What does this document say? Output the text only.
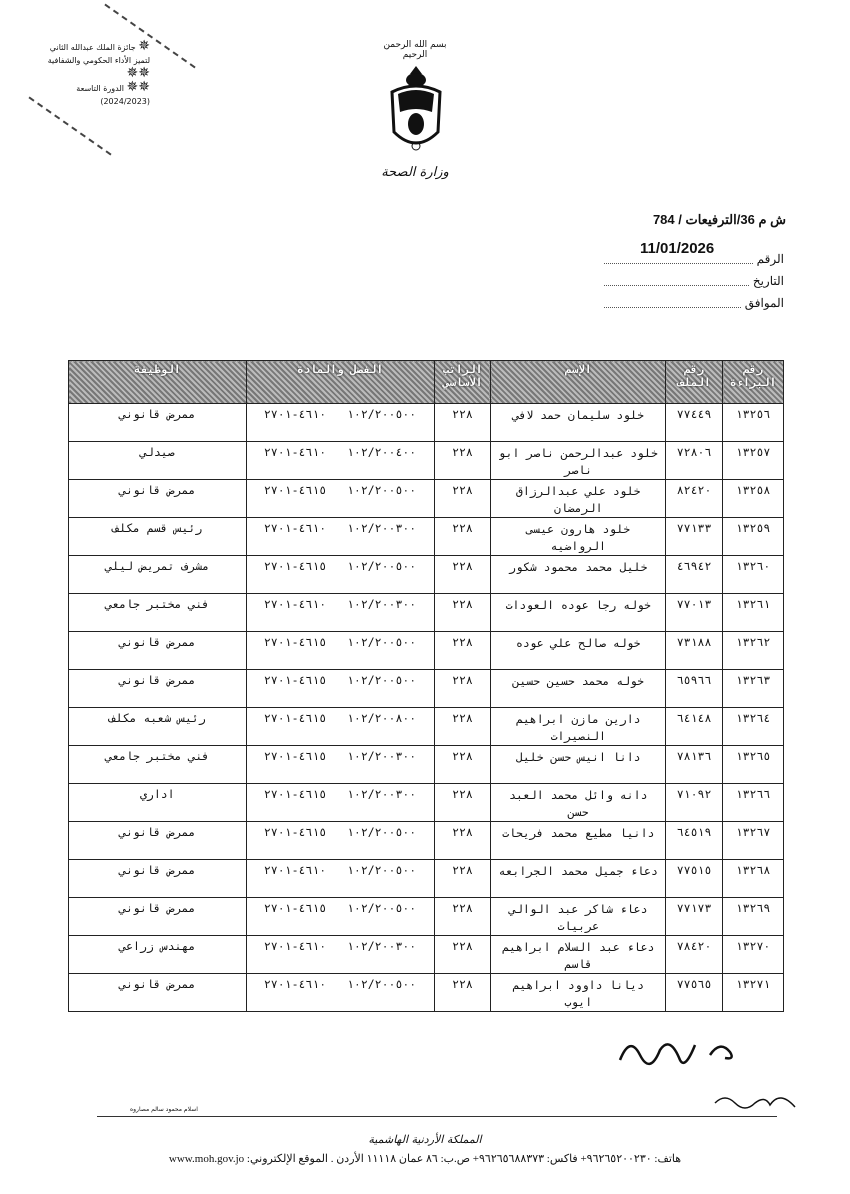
جائزة الملك عبدالله الثاني ✵
لتميز الأداء الحكومي والشفافية ✵✵
الدورة التاسعة ✵✵
(2024/2023)
بسم الله الرحمن الرحيم
وزارة الصحة
ش م 36/الترفيعات / 784
11/01/2026
الرقم
التاريخ
الموافق
رقم البراءة	رقم الملف	الإسم	الراتب الأساسي	الفصل والمادة	الوظيفة
١٣٢٥٦	٧٧٤٤٩	خلود سليمان حمد لافي	٢٢٨	١٠٢/٢٠٠٥٠٠   ٤٦١٠-٢٧٠١	ممرض قانوني
١٣٢٥٧	٧٢٨٠٦	خلود عبدالرحمن ناصر ابو ناصر	٢٢٨	١٠٢/٢٠٠٤٠٠   ٤٦١٠-٢٧٠١	صيدلي
١٣٢٥٨	٨٢٤٢٠	خلود علي عبدالرزاق الرمضان	٢٢٨	١٠٢/٢٠٠٥٠٠   ٤٦١٥-٢٧٠١	ممرض قانوني
١٣٢٥٩	٧٧١٣٣	خلود هارون عيسى الرواضيه	٢٢٨	١٠٢/٢٠٠٣٠٠   ٤٦١٠-٢٧٠١	رئيس قسم مكلف
١٣٢٦٠	٤٦٩٤٢	خليل محمد محمود شكور	٢٢٨	١٠٢/٢٠٠٥٠٠   ٤٦١٥-٢٧٠١	مشرف تمريض ليلي
١٣٢٦١	٧٧٠١٣	خوله رجا عوده العودات	٢٢٨	١٠٢/٢٠٠٣٠٠   ٤٦١٠-٢٧٠١	فني مختبر جامعي
١٣٢٦٢	٧٣١٨٨	خوله صالح علي عوده	٢٢٨	١٠٢/٢٠٠٥٠٠   ٤٦١٥-٢٧٠١	ممرض قانوني
١٣٢٦٣	٦٥٩٦٦	خوله محمد حسين حسين	٢٢٨	١٠٢/٢٠٠٥٠٠   ٤٦١٥-٢٧٠١	ممرض قانوني
١٣٢٦٤	٦٤١٤٨	دارين مازن ابراهيم النصيرات	٢٢٨	١٠٢/٢٠٠٨٠٠   ٤٦١٥-٢٧٠١	رئيس شعبه مكلف
١٣٢٦٥	٧٨١٣٦	دانا انيس حسن خليل	٢٢٨	١٠٢/٢٠٠٣٠٠   ٤٦١٥-٢٧٠١	فني مختبر جامعي
١٣٢٦٦	٧١٠٩٢	دانه وائل محمد العبد حسن	٢٢٨	١٠٢/٢٠٠٣٠٠   ٤٦١٥-٢٧٠١	اداري
١٣٢٦٧	٦٤٥١٩	دانيا مطيع محمد فريحات	٢٢٨	١٠٢/٢٠٠٥٠٠   ٤٦١٥-٢٧٠١	ممرض قانوني
١٣٢٦٨	٧٧٥١٥	دعاء جميل محمد الجرابعه	٢٢٨	١٠٢/٢٠٠٥٠٠   ٤٦١٠-٢٧٠١	ممرض قانوني
١٣٢٦٩	٧٧١٧٣	دعاء شاكر عبد الوالي عربيات	٢٢٨	١٠٢/٢٠٠٥٠٠   ٤٦١٥-٢٧٠١	ممرض قانوني
١٣٢٧٠	٧٨٤٢٠	دعاء عبد السلام ابراهيم قاسم	٢٢٨	١٠٢/٢٠٠٣٠٠   ٤٦١٠-٢٧٠١	مهندس زراعي
١٣٢٧١	٧٧٥٦٥	ديانا داوود ابراهيم ايوب	٢٢٨	١٠٢/٢٠٠٥٠٠   ٤٦١٠-٢٧٠١	ممرض قانوني
اسلام محمود سالم مصاروه
المملكة الأردنية الهاشمية
هاتف: ٩٦٢٦٥٢٠٠٢٣٠+ فاكس: ٩٦٢٦٥٦٨٨٣٧٣+ ص.ب: ٨٦ عمان ١١١١٨ الأردن . الموقع الإلكتروني: www.moh.gov.jo
